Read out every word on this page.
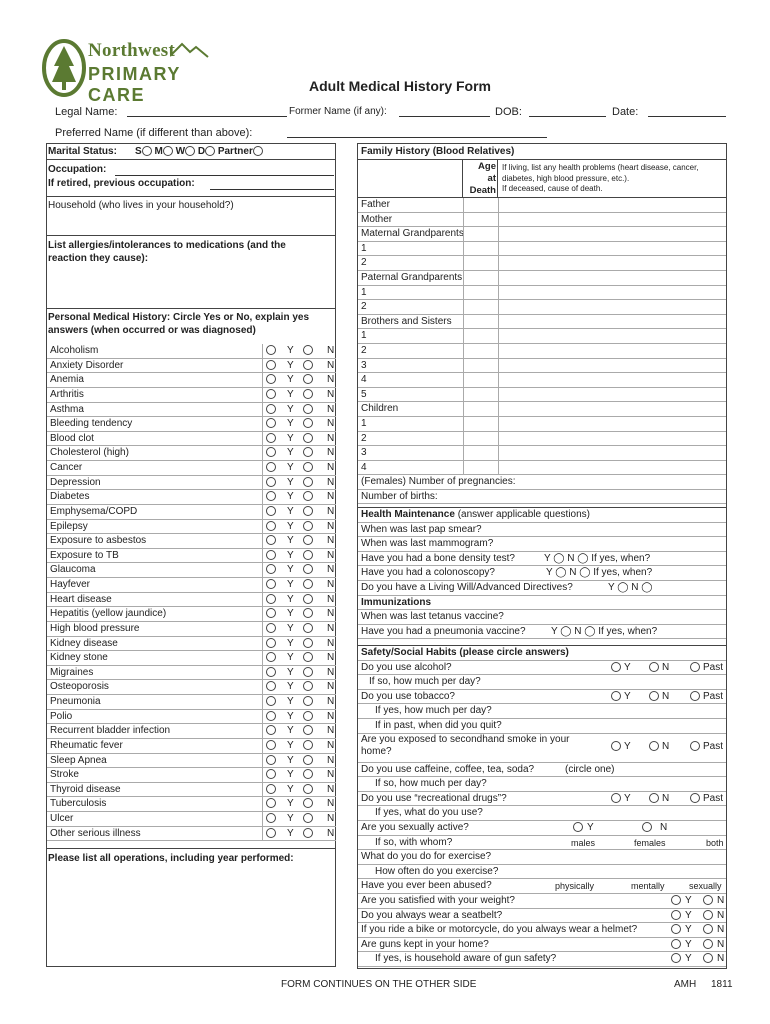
Northwest
PRIMARY CARE	Adult Medical History Form
Legal Name:	Former Name (if any):	DOB:	Date:
Preferred Name (if different than above):
Marital Status: S M W D Partner
Occupation:
If retired, previous occupation:
Household (who lives in your household?)
List allergies/intolerances to medications (and the reaction they cause):
Personal Medical History: Circle Yes or No, explain yes answers (when occurred or was diagnosed)
Alcoholism	Y	N
Anxiety Disorder	Y	N
Anemia	Y	N
Arthritis	Y	N
Asthma	Y	N
Bleeding tendency	Y	N
Blood clot	Y	N
Cholesterol (high)	Y	N
Cancer	Y	N
Depression	Y	N
Diabetes	Y	N
Emphysema/COPD	Y	N
Epilepsy	Y	N
Exposure to asbestos	Y	N
Exposure to TB	Y	N
Glaucoma	Y	N
Hayfever	Y	N
Heart disease	Y	N
Hepatitis (yellow jaundice)	Y	N
High blood pressure	Y	N
Kidney disease	Y	N
Kidney stone	Y	N
Migraines	Y	N
Osteoporosis	Y	N
Pneumonia	Y	N
Polio	Y	N
Recurrent bladder infection	Y	N
Rheumatic fever	Y	N
Sleep Apnea	Y	N
Stroke	Y	N
Thyroid disease	Y	N
Tuberculosis	Y	N
Ulcer	Y	N
Other serious illness	Y	N
Please list all operations, including year performed:
Family History (Blood Relatives)
Age
at
Death
If living, list any health problems (heart disease, cancer,
diabetes, high blood pressure, etc.).
If deceased, cause of death.
Father
Mother
Maternal Grandparents
1
2
Paternal Grandparents
1
2
Brothers and Sisters
1
2
3
4
5
Children
1
2
3
4
(Females) Number of pregnancies:
Number of births:
Health Maintenance (answer applicable questions)
When was last pap smear?
When was last mammogram?
Have you had a bone density test?	Y ◯ N ◯ If yes, when?
Have you had a colonoscopy?	Y ◯ N ◯ If yes, when?
Do you have a Living Will/Advanced Directives?	Y ◯ N ◯
Immunizations
When was last tetanus vaccine?
Have you had a pneumonia vaccine?	Y ◯ N ◯ If yes, when?
Safety/Social Habits (please circle answers)
Do you use alcohol?	Y	N	Past
If so, how much per day?
Do you use tobacco?	Y	N	Past
If yes, how much per day?
If in past, when did you quit?
Are you exposed to secondhand smoke in your home?	Y	N	Past
Do you use caffeine, coffee, tea, soda?	(circle one)
If so, how much per day?
Do you use “recreational drugs”?	Y	N	Past
If yes, what do you use?
Are you sexually active?	Y	N
If so, with whom?	males	females	both
What do you do for exercise?
How often do you exercise?
Have you ever been abused?	physically	mentally	sexually
Are you satisfied with your weight?	Y	N
Do you always wear a seatbelt?	Y	N
If you ride a bike or motorcycle, do you always wear a helmet?	Y	N
Are guns kept in your home?	Y	N
If yes, is household aware of gun safety?	Y	N
FORM CONTINUES ON THE OTHER SIDE	AMH 1811
